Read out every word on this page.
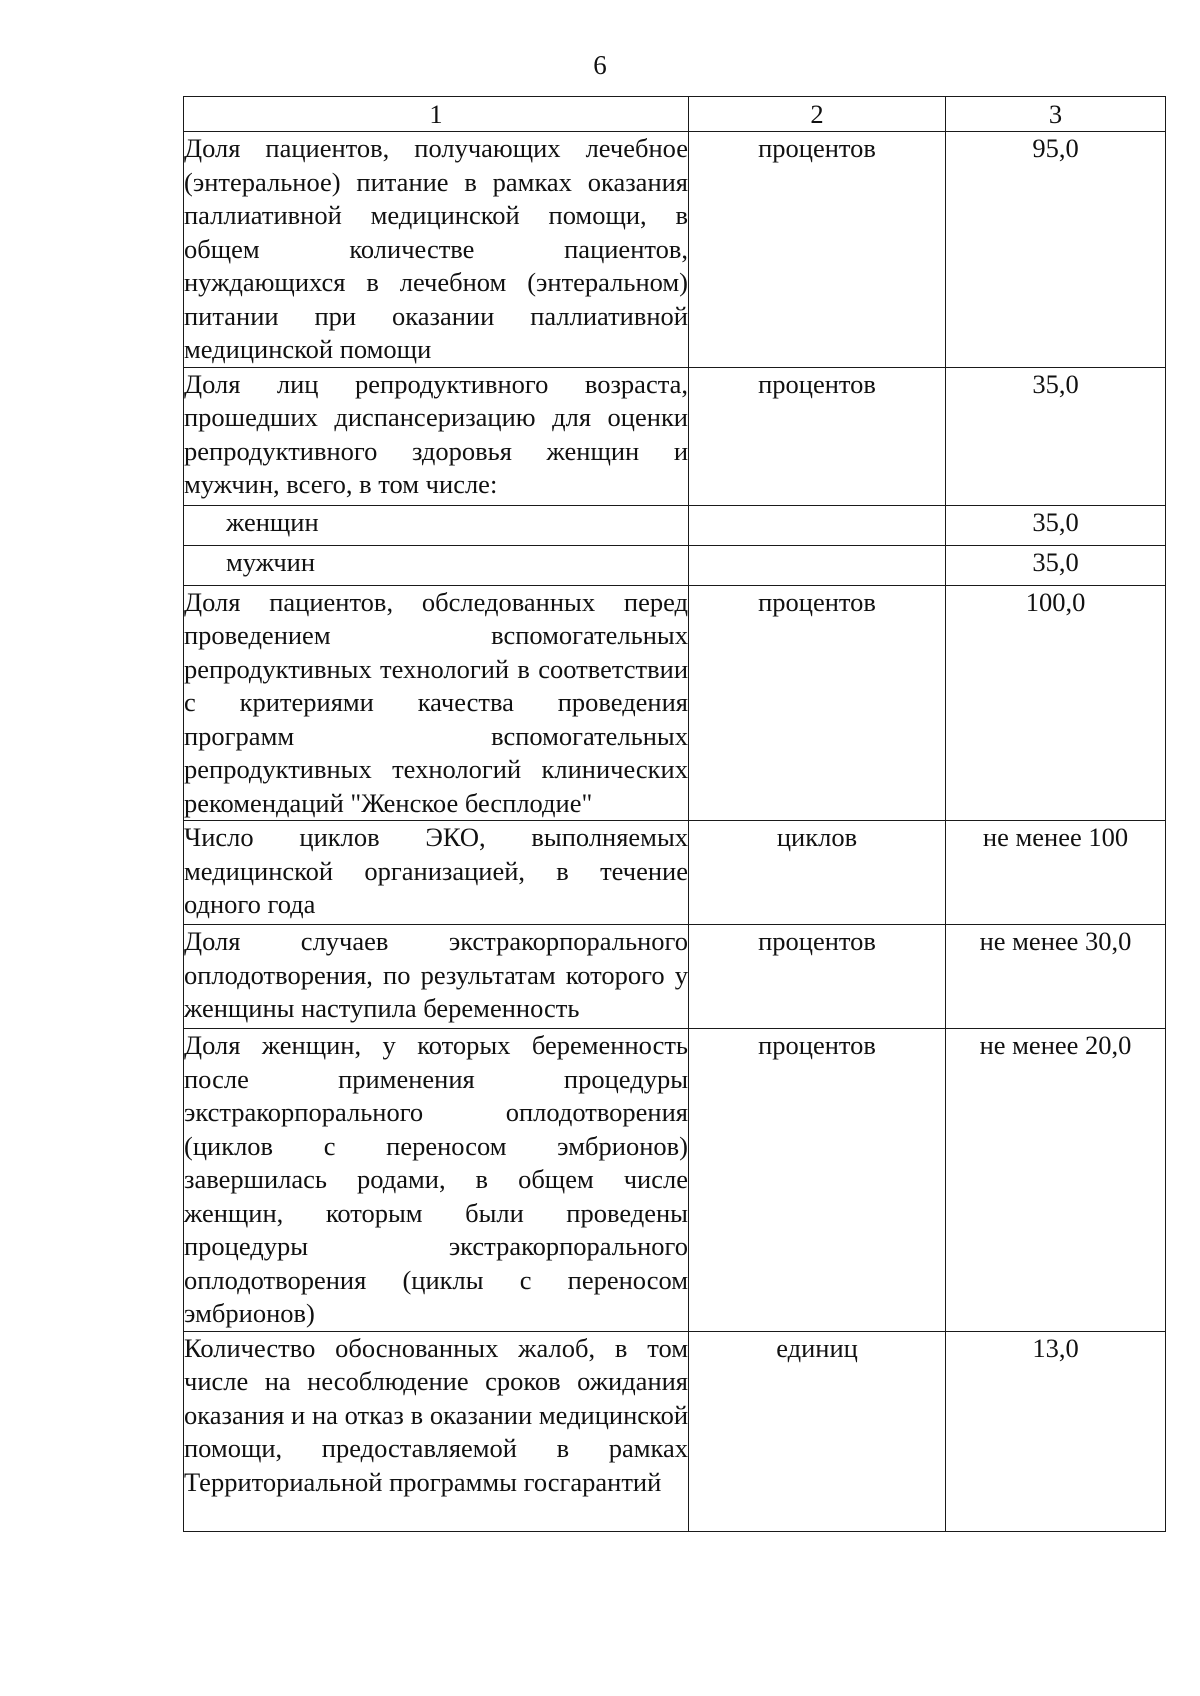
6
1	2	3
Доля пациентов, получающих лечебное (энтеральное) питание в рамках оказания паллиативной медицинской помощи, в общем количестве пациентов, нуждающихся в лечебном (энтеральном) питании при оказании паллиативной медицинской помощи	процентов	95,0
Доля лиц репродуктивного возраста, прошедших диспансеризацию для оценки репродуктивного здоровья женщин и мужчин, всего, в том числе:	процентов	35,0
женщин		35,0
мужчин		35,0
Доля пациентов, обследованных перед проведением вспомогательных репродуктивных технологий в соответствии с критериями качества проведения программ вспомогательных репродуктивных технологий клинических рекомендаций "Женское бесплодие"	процентов	100,0
Число циклов ЭКО, выполняемых медицинской организацией, в течение одного года	циклов	не менее 100
Доля случаев экстракорпорального оплодотворения, по результатам которого у женщины наступила беременность	процентов	не менее 30,0
Доля женщин, у которых беременность после применения процедуры экстракорпорального оплодотворения (циклов с переносом эмбрионов) завершилась родами, в общем числе женщин, которым были проведены процедуры экстракорпорального оплодотворения (циклы с переносом эмбрионов)	процентов	не менее 20,0
Количество обоснованных жалоб, в том числе на несоблюдение сроков ожидания оказания и на отказ в оказании медицинской помощи, предоставляемой в рамках Территориальной программы госгарантий	единиц	13,0
